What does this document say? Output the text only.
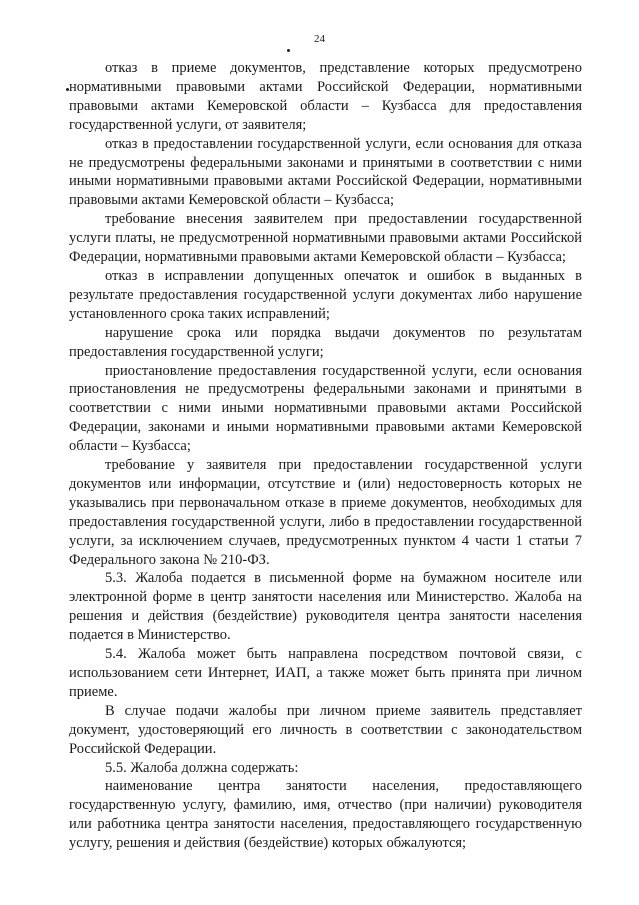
24

отказ в приеме документов, представление которых предусмотрено нормативными правовыми актами Российской Федерации, нормативными правовыми актами Кемеровской области – Кузбасса для предоставления государственной услуги, от заявителя;

отказ в предоставлении государственной услуги, если основания для отказа не предусмотрены федеральными законами и принятыми в соответствии с ними иными нормативными правовыми актами Российской Федерации, нормативными правовыми актами Кемеровской области – Кузбасса;

требование внесения заявителем при предоставлении государственной услуги платы, не предусмотренной нормативными правовыми актами Российской Федерации, нормативными правовыми актами Кемеровской области – Кузбасса;

отказ в исправлении допущенных опечаток и ошибок в выданных в результате предоставления государственной услуги документах либо нарушение установленного срока таких исправлений;

нарушение срока или порядка выдачи документов по результатам предоставления государственной услуги;

приостановление предоставления государственной услуги, если основания приостановления не предусмотрены федеральными законами и принятыми в соответствии с ними иными нормативными правовыми актами Российской Федерации, законами и иными нормативными правовыми актами Кемеровской области – Кузбасса;

требование у заявителя при предоставлении государственной услуги документов или информации, отсутствие и (или) недостоверность которых не указывались при первоначальном отказе в приеме документов, необходимых для предоставления государственной услуги, либо в предоставлении государственной услуги, за исключением случаев, предусмотренных пунктом 4 части 1 статьи 7 Федерального закона № 210-ФЗ.

5.3. Жалоба подается в письменной форме на бумажном носителе или электронной форме в центр занятости населения или Министерство. Жалоба на решения и действия (бездействие) руководителя центра занятости населения подается в Министерство.

5.4. Жалоба может быть направлена посредством почтовой связи, с использованием сети Интернет, ИАП, а также может быть принята при личном приеме.

В случае подачи жалобы при личном приеме заявитель представляет документ, удостоверяющий его личность в соответствии с законодательством Российской Федерации.

5.5. Жалоба должна содержать:

наименование центра занятости населения, предоставляющего государственную услугу, фамилию, имя, отчество (при наличии) руководителя или работника центра занятости населения, предоставляющего государственную услугу, решения и действия (бездействие) которых обжалуются;
